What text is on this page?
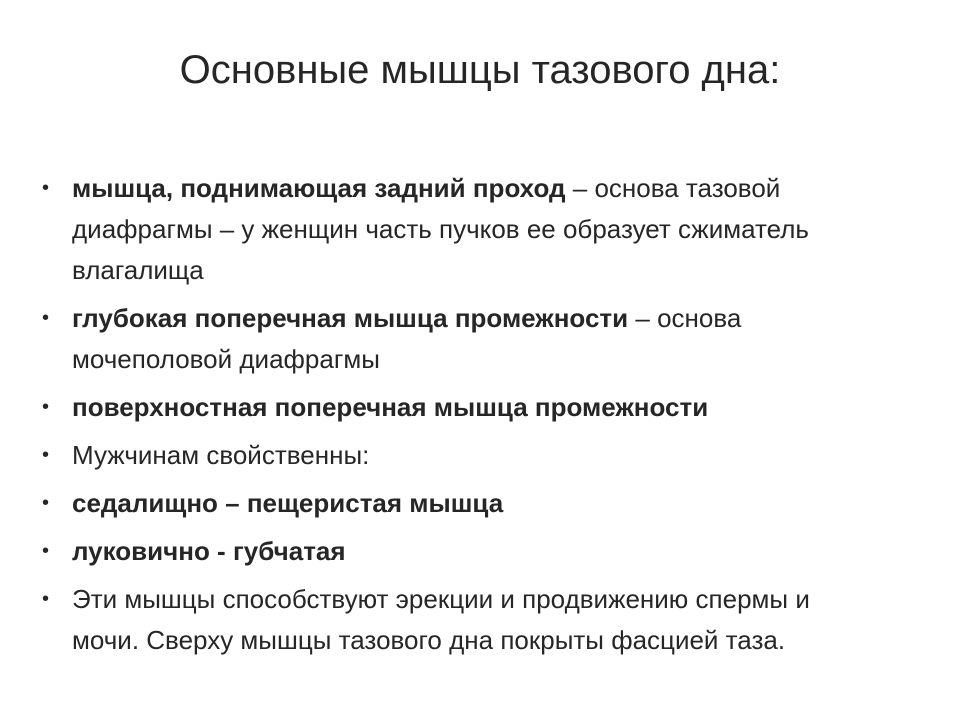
Основные мышцы тазового дна:
• мышца, поднимающая задний проход – основа тазовой диафрагмы – у женщин часть пучков ее образует сжиматель влагалища
• глубокая поперечная мышца промежности – основа мочеполовой диафрагмы
• поверхностная поперечная мышца промежности
• Мужчинам свойственны:
• седалищно – пещеристая мышца
• луковично - губчатая
• Эти мышцы способствуют эрекции и продвижению спермы и мочи. Сверху мышцы тазового дна покрыты фасцией таза.
